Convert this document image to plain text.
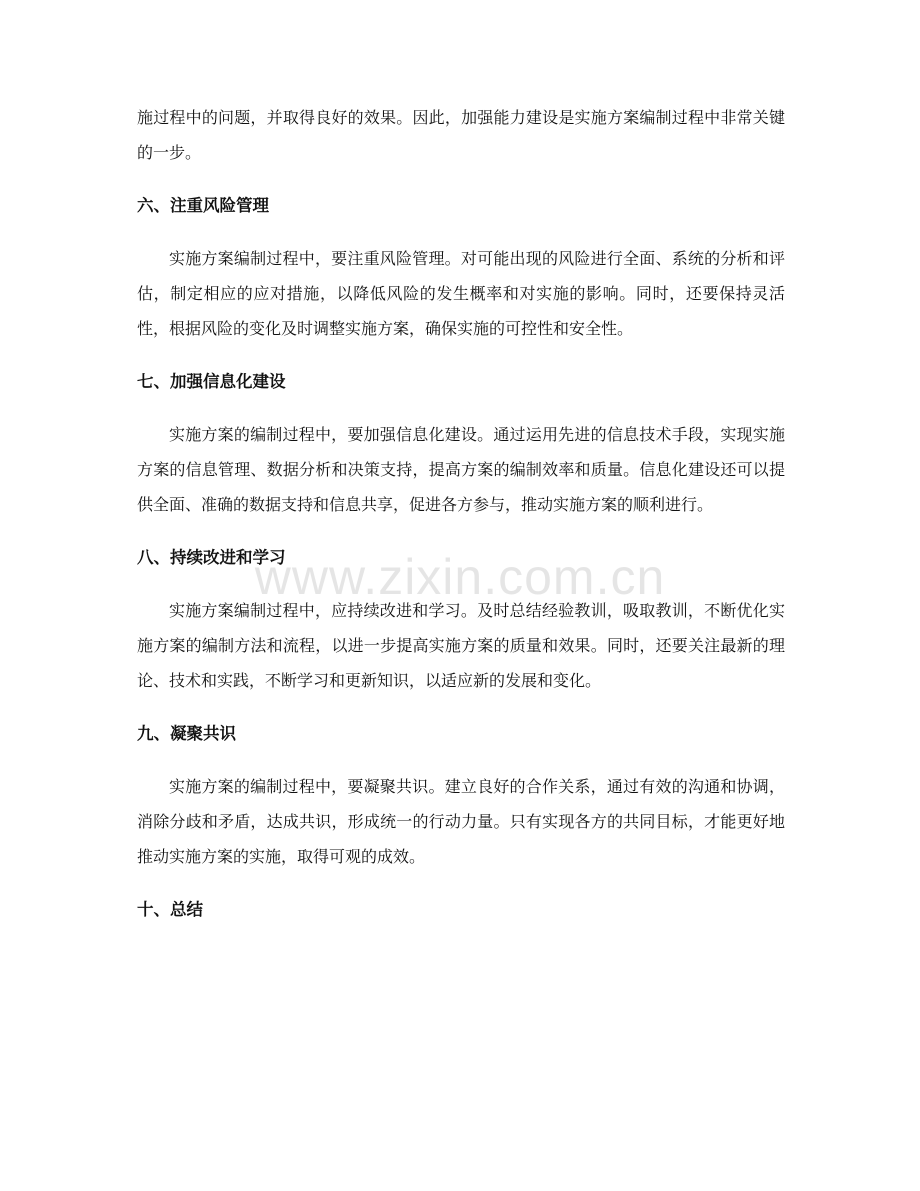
施过程中的问题，并取得良好的效果。因此，加强能力建设是实施方案编制过程中非常关键的一步。

六、注重风险管理

实施方案编制过程中，要注重风险管理。对可能出现的风险进行全面、系统的分析和评估，制定相应的应对措施，以降低风险的发生概率和对实施的影响。同时，还要保持灵活性，根据风险的变化及时调整实施方案，确保实施的可控性和安全性。

七、加强信息化建设

实施方案的编制过程中，要加强信息化建设。通过运用先进的信息技术手段，实现实施方案的信息管理、数据分析和决策支持，提高方案的编制效率和质量。信息化建设还可以提供全面、准确的数据支持和信息共享，促进各方参与，推动实施方案的顺利进行。

八、持续改进和学习

实施方案编制过程中，应持续改进和学习。及时总结经验教训，吸取教训，不断优化实施方案的编制方法和流程，以进一步提高实施方案的质量和效果。同时，还要关注最新的理论、技术和实践，不断学习和更新知识，以适应新的发展和变化。

九、凝聚共识

实施方案的编制过程中，要凝聚共识。建立良好的合作关系，通过有效的沟通和协调，消除分歧和矛盾，达成共识，形成统一的行动力量。只有实现各方的共同目标，才能更好地推动实施方案的实施，取得可观的成效。

十、总结
www.zixin.com.cn
